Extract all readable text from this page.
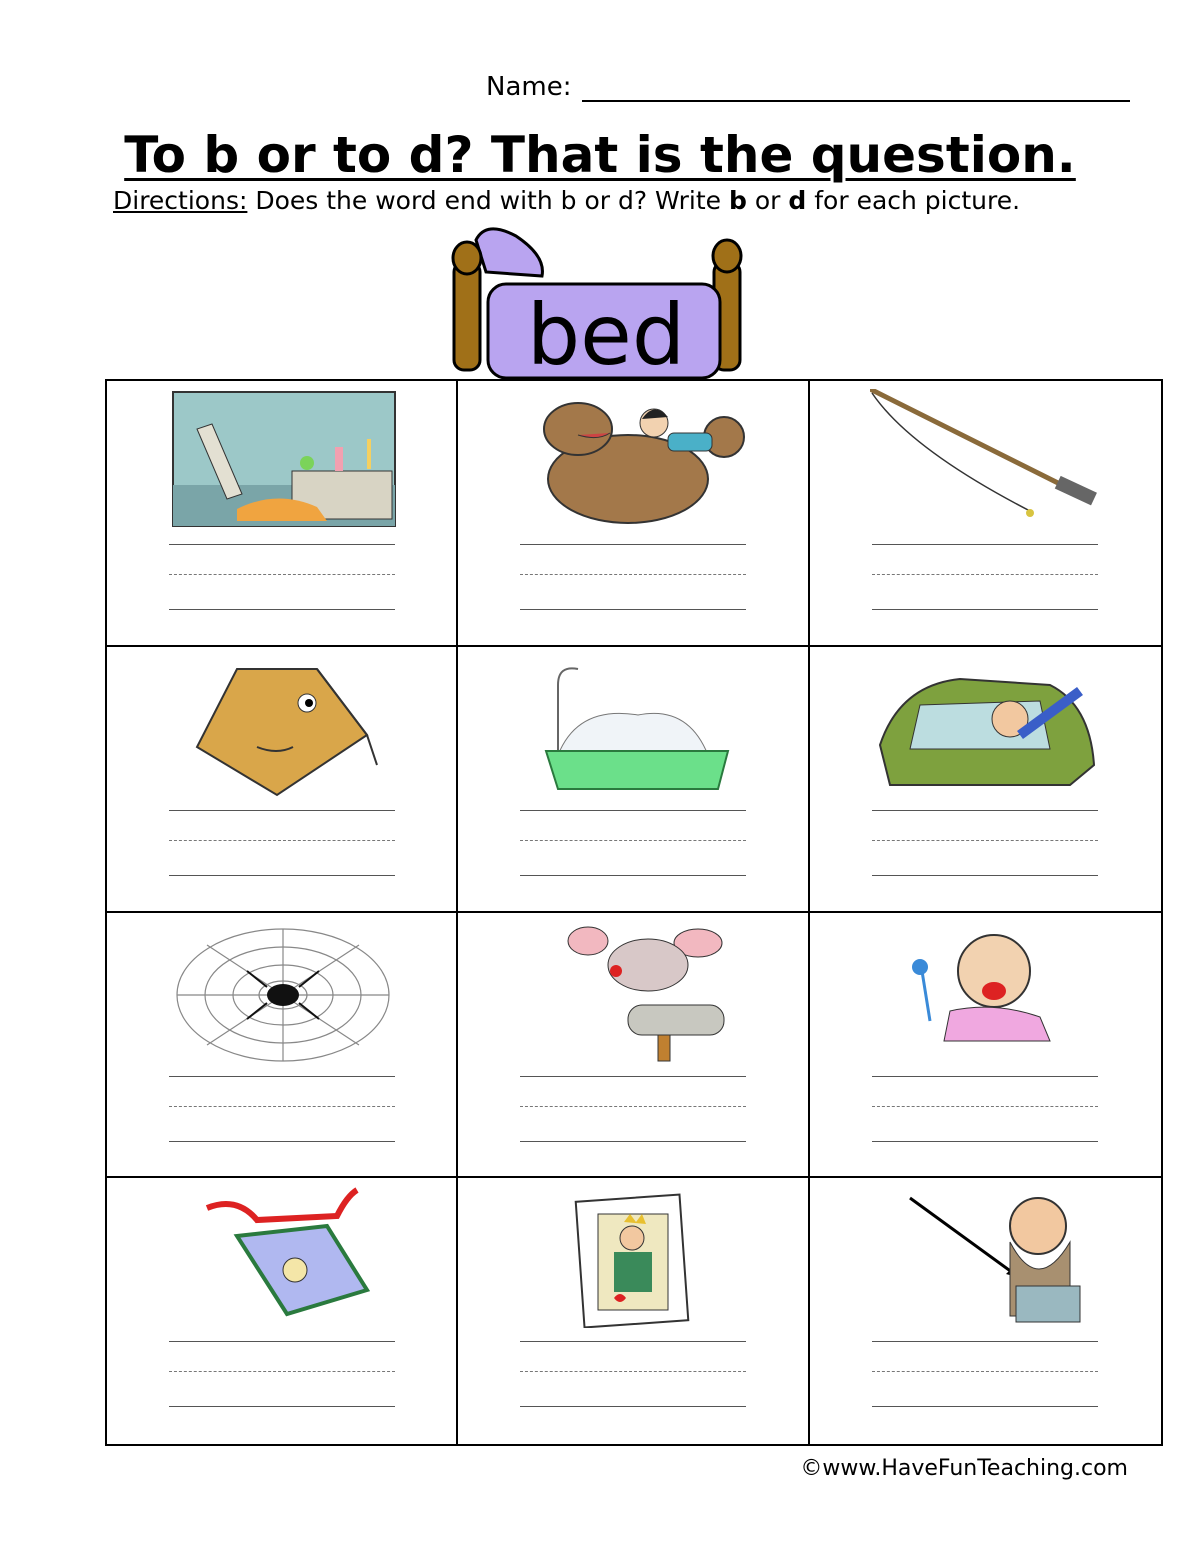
Name:
To b or to d? That is the question.
Directions: Does the word end with b or d? Write b or d for each picture.
bed
©www.HaveFunTeaching.com
